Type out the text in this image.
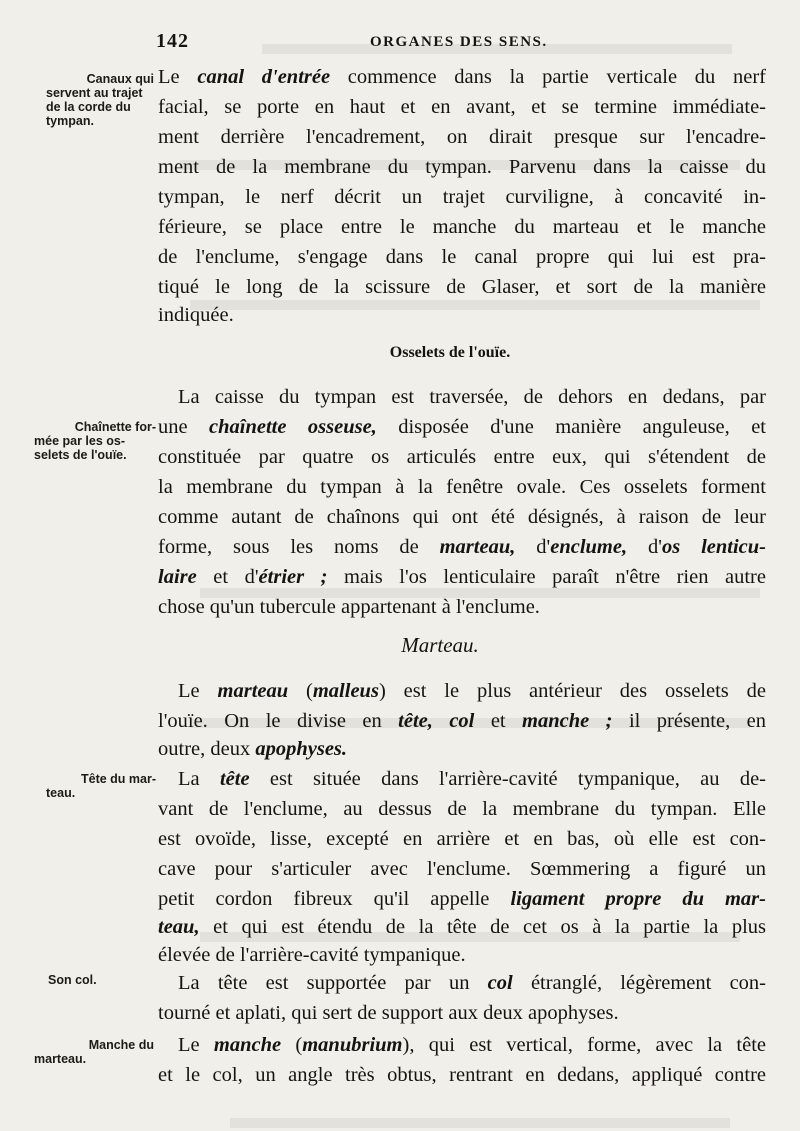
142	ORGANES DES SENS.
Canaux qui
servent au trajet
de la corde du
tympan.
Chaînette for-
mée par les os-
selets de l'ouïe.
Tête du mar-
teau.
Son col.
Manche du
marteau.
Le canal d'entrée commence dans la partie verticale du nerf
facial, se porte en haut et en avant, et se termine immédiate-
ment derrière l'encadrement, on dirait presque sur l'encadre-
ment de la membrane du tympan. Parvenu dans la caisse du
tympan, le nerf décrit un trajet curviligne, à concavité in-
férieure, se place entre le manche du marteau et le manche
de l'enclume, s'engage dans le canal propre qui lui est pra-
tiqué le long de la scissure de Glaser, et sort de la manière
indiquée.
Osselets de l'ouïe.
La caisse du tympan est traversée, de dehors en dedans, par
une chaînette osseuse, disposée d'une manière anguleuse, et
constituée par quatre os articulés entre eux, qui s'étendent de
la membrane du tympan à la fenêtre ovale. Ces osselets forment
comme autant de chaînons qui ont été désignés, à raison de leur
forme, sous les noms de marteau, d'enclume, d'os lenticu-
laire et d'étrier ; mais l'os lenticulaire paraît n'être rien autre
chose qu'un tubercule appartenant à l'enclume.
Marteau.
Le marteau (malleus) est le plus antérieur des osselets de
l'ouïe. On le divise en tête, col et manche ; il présente, en
outre, deux apophyses.
La tête est située dans l'arrière-cavité tympanique, au de-
vant de l'enclume, au dessus de la membrane du tympan. Elle
est ovoïde, lisse, excepté en arrière et en bas, où elle est con-
cave pour s'articuler avec l'enclume. Sœmmering a figuré un
petit cordon fibreux qu'il appelle ligament propre du mar-
teau, et qui est étendu de la tête de cet os à la partie la plus
élevée de l'arrière-cavité tympanique.
La tête est supportée par un col étranglé, légèrement con-
tourné et aplati, qui sert de support aux deux apophyses.
Le manche (manubrium), qui est vertical, forme, avec la tête
et le col, un angle très obtus, rentrant en dedans, appliqué contre
